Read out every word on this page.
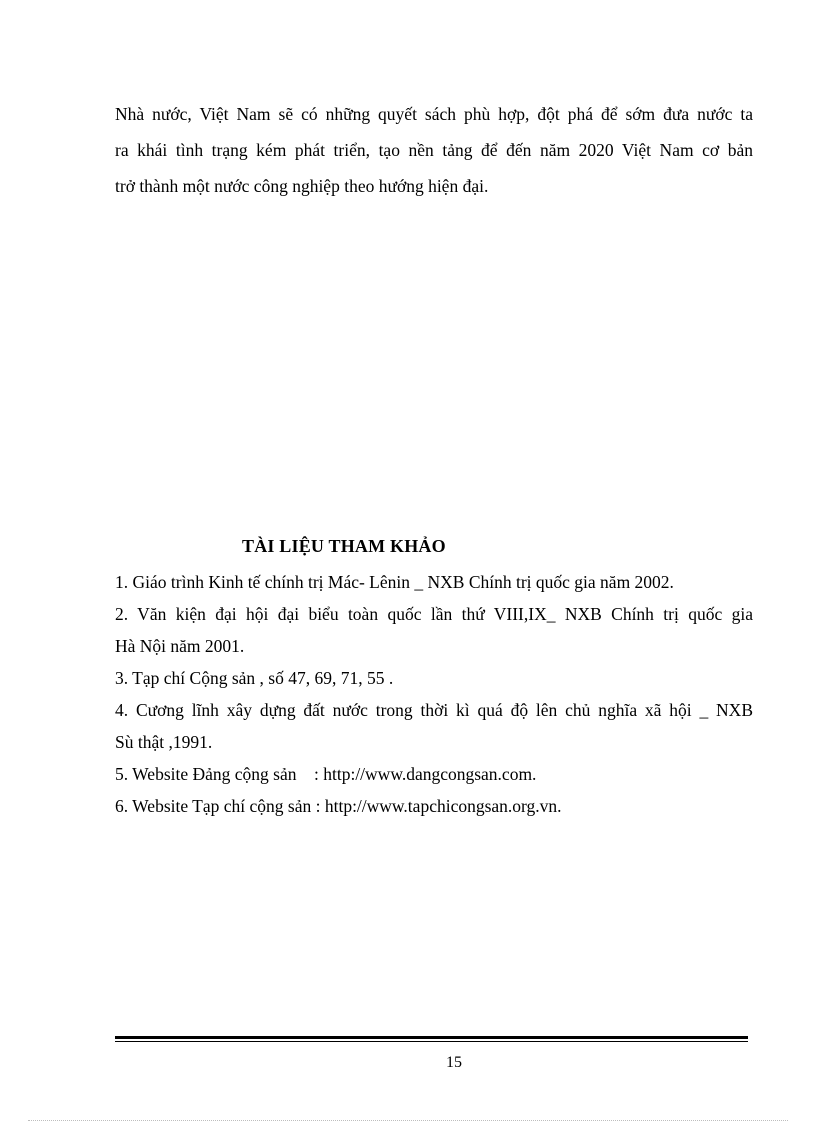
Nhà nước, Việt Nam sẽ có những quyết sách phù hợp, đột phá để sớm đưa nước ta
ra khái tình trạng kém phát triển, tạo nền tảng để đến năm 2020 Việt Nam cơ bản
trở thành một nước công nghiệp theo hướng hiện đại.
TÀI LIỆU THAM KHẢO
1. Giáo trình Kinh tế chính trị Mác- Lênin _ NXB Chính trị quốc gia năm 2002.
2. Văn kiện đại hội đại biểu toàn quốc lần thứ VIII,IX_ NXB Chính trị quốc gia
Hà Nội năm 2001.
3. Tạp chí Cộng sản , số 47, 69, 71, 55 .
4. Cương lĩnh xây dựng đất nước trong thời kì quá độ lên chủ nghĩa xã hội _ NXB
Sù thật ,1991.
5. Website Đảng cộng sản    : http://www.dangcongsan.com.
6. Website Tạp chí cộng sản : http://www.tapchicongsan.org.vn.
15
